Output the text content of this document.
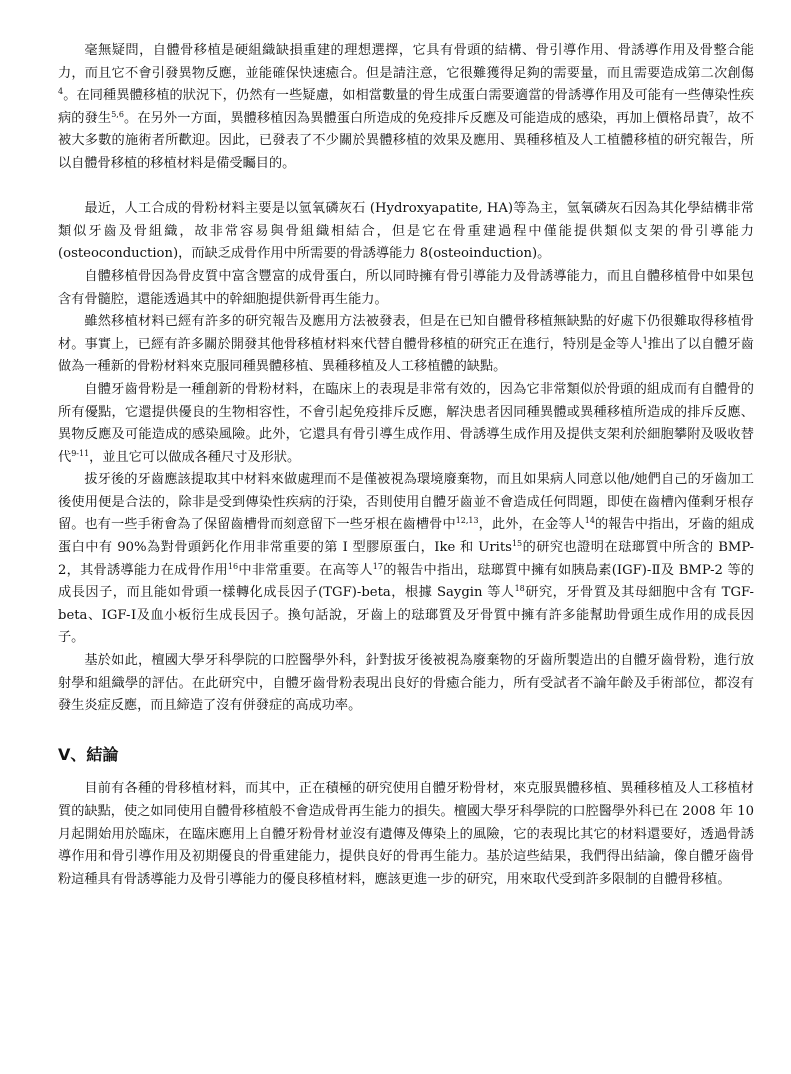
毫無疑問，自體骨移植是硬組織缺損重建的理想選擇，它具有骨頭的結構、骨引導作用、骨誘導作用及骨整合能力，而且它不會引發異物反應，並能確保快速癒合。但是請注意，它很難獲得足夠的需要量，而且需要造成第二次創傷$^4$。在同種異體移植的狀況下，仍然有一些疑慮，如相當數量的骨生成蛋白需要適當的骨誘導作用及可能有一些傳染性疾病的發生$^{5,6}$。在另外一方面，異體移植因為異體蛋白所造成的免疫排斥反應及可能造成的感染，再加上價格昂貴$^7$，故不被大多數的施術者所歡迎。因此，已發表了不少關於異體移植的效果及應用、異種移植及人工植體移植的研究報告，所以自體骨移植的移植材料是備受矚目的。

最近，人工合成的骨粉材料主要是以氫氧磷灰石 (Hydroxyapatite, HA)等為主，氫氧磷灰石因為其化學結構非常類似牙齒及骨組織，故非常容易與骨組織相結合，但是它在骨重建過程中僅能提供類似支架的骨引導能力(osteoconduction)，而缺乏成骨作用中所需要的骨誘導能力 8(osteoinduction)。

自體移植骨因為骨皮質中富含豐富的成骨蛋白，所以同時擁有骨引導能力及骨誘導能力，而且自體移植骨中如果包含有骨髓腔，還能透過其中的幹細胞提供新骨再生能力。

雖然移植材料已經有許多的研究報告及應用方法被發表，但是在已知自體骨移植無缺點的好處下仍很難取得移植骨材。事實上，已經有許多關於開發其他骨移植材料來代替自體骨移植的研究正在進行，特別是金等人$^1$推出了以自體牙齒做為一種新的骨粉材料來克服同種異體移植、異種移植及人工移植體的缺點。

自體牙齒骨粉是一種創新的骨粉材料，在臨床上的表現是非常有效的，因為它非常類似於骨頭的組成而有自體骨的所有優點，它還提供優良的生物相容性，不會引起免疫排斥反應，解決患者因同種異體或異種移植所造成的排斥反應、異物反應及可能造成的感染風險。此外，它還具有骨引導生成作用、骨誘導生成作用及提供支架利於細胞攀附及吸收替代$^{9-11}$，並且它可以做成各種尺寸及形狀。

拔牙後的牙齒應該提取其中材料來做處理而不是僅被視為環境廢棄物，而且如果病人同意以他/她們自己的牙齒加工後使用便是合法的，除非是受到傳染性疾病的汙染，否則使用自體牙齒並不會造成任何問題，即使在齒槽內僅剩牙根存留。也有一些手術會為了保留齒槽骨而刻意留下一些牙根在齒槽骨中$^{12,13}$，此外，在金等人$^{14}$的報告中指出，牙齒的組成蛋白中有 90%為對骨頭鈣化作用非常重要的第 I 型膠原蛋白，Ike 和 Urits$^{15}$的研究也證明在琺瑯質中所含的 BMP-2，其骨誘導能力在成骨作用$^{16}$中非常重要。在高等人$^{17}$的報告中指出，琺瑯質中擁有如胰島素(IGF)-Ⅱ及 BMP-2 等的成長因子，而且能如骨頭一樣轉化成長因子(TGF)-beta，根據 Saygin 等人$^{18}$研究，牙骨質及其母細胞中含有 TGF-beta、IGF-Ⅰ及血小板衍生成長因子。換句話說，牙齒上的琺瑯質及牙骨質中擁有許多能幫助骨頭生成作用的成長因子。

基於如此，檀國大學牙科學院的口腔醫學外科，針對拔牙後被視為廢棄物的牙齒所製造出的自體牙齒骨粉，進行放射學和組織學的評估。在此研究中，自體牙齒骨粉表現出良好的骨癒合能力，所有受試者不論年齡及手術部位，都沒有發生炎症反應，而且締造了沒有併發症的高成功率。

V、結論

目前有各種的骨移植材料，而其中，正在積極的研究使用自體牙粉骨材，來克服異體移植、異種移植及人工移植材質的缺點，使之如同使用自體骨移植般不會造成骨再生能力的損失。檀國大學牙科學院的口腔醫學外科已在 2008 年 10 月起開始用於臨床，在臨床應用上自體牙粉骨材並沒有遺傳及傳染上的風險，它的表現比其它的材料還要好，透過骨誘導作用和骨引導作用及初期優良的骨重建能力，提供良好的骨再生能力。基於這些結果，我們得出結論，像自體牙齒骨粉這種具有骨誘導能力及骨引導能力的優良移植材料，應該更進一步的研究，用來取代受到許多限制的自體骨移植。
